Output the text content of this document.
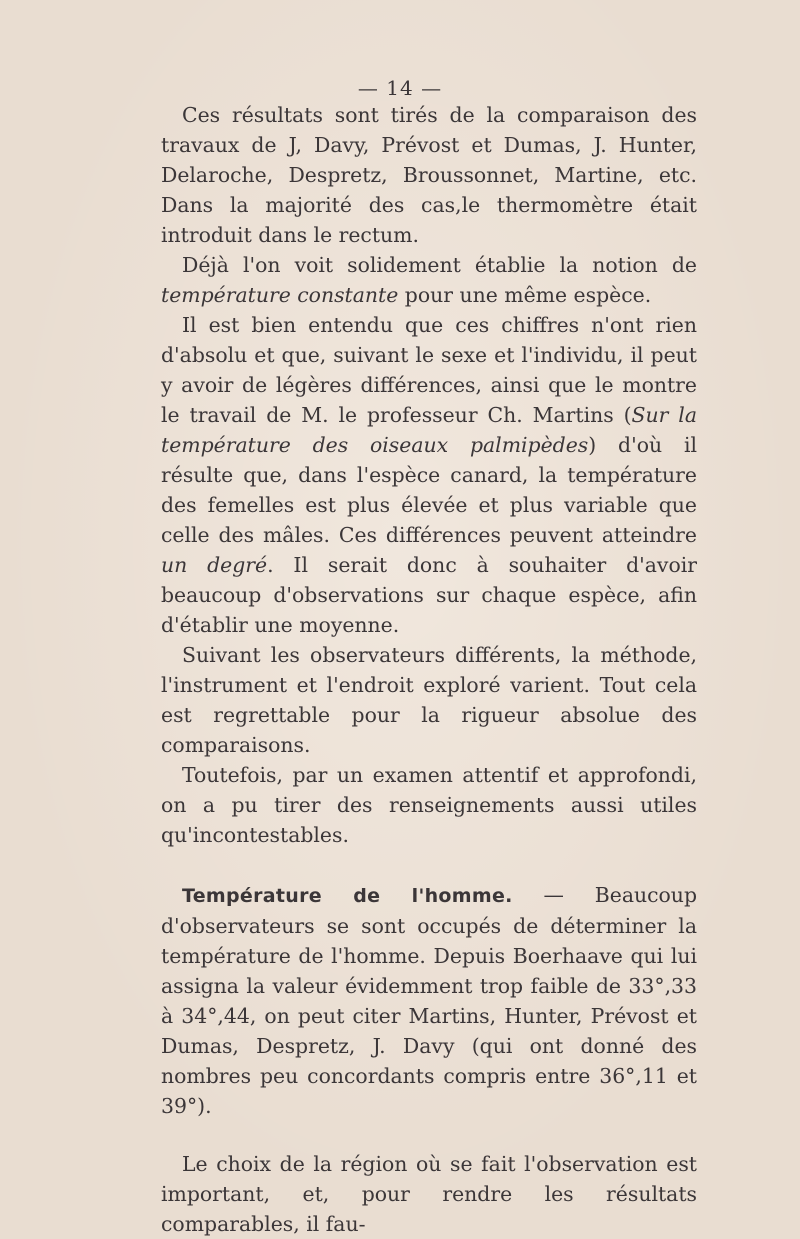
— 14 —

Ces résultats sont tirés de la comparaison des travaux de J, Davy, Prévost et Dumas, J. Hunter, Delaroche, Despretz, Broussonnet, Martine, etc. Dans la majorité des cas,le thermomètre était introduit dans le rectum.

Déjà l'on voit solidement établie la notion de température constante pour une même espèce.

Il est bien entendu que ces chiffres n'ont rien d'absolu et que, suivant le sexe et l'individu, il peut y avoir de légères différences, ainsi que le montre le travail de M. le professeur Ch. Martins (Sur la température des oiseaux palmipèdes) d'où il résulte que, dans l'espèce canard, la température des femelles est plus élevée et plus variable que celle des mâles. Ces différences peuvent atteindre un degré. Il serait donc à souhaiter d'avoir beaucoup d'observations sur chaque espèce, afin d'établir une moyenne.

Suivant les observateurs différents, la méthode, l'instrument et l'endroit exploré varient. Tout cela est regrettable pour la rigueur absolue des comparaisons.

Toutefois, par un examen attentif et approfondi, on a pu tirer des renseignements aussi utiles qu'incontestables.

Température de l'homme. — Beaucoup d'observateurs se sont occupés de déterminer la température de l'homme. Depuis Boerhaave qui lui assigna la valeur évidemment trop faible de 33°,33 à 34°,44, on peut citer Martins, Hunter, Prévost et Dumas, Despretz, J. Davy (qui ont donné des nombres peu concordants compris entre 36°,11 et 39°).

Le choix de la région où se fait l'observation est important, et, pour rendre les résultats comparables, il fau-
